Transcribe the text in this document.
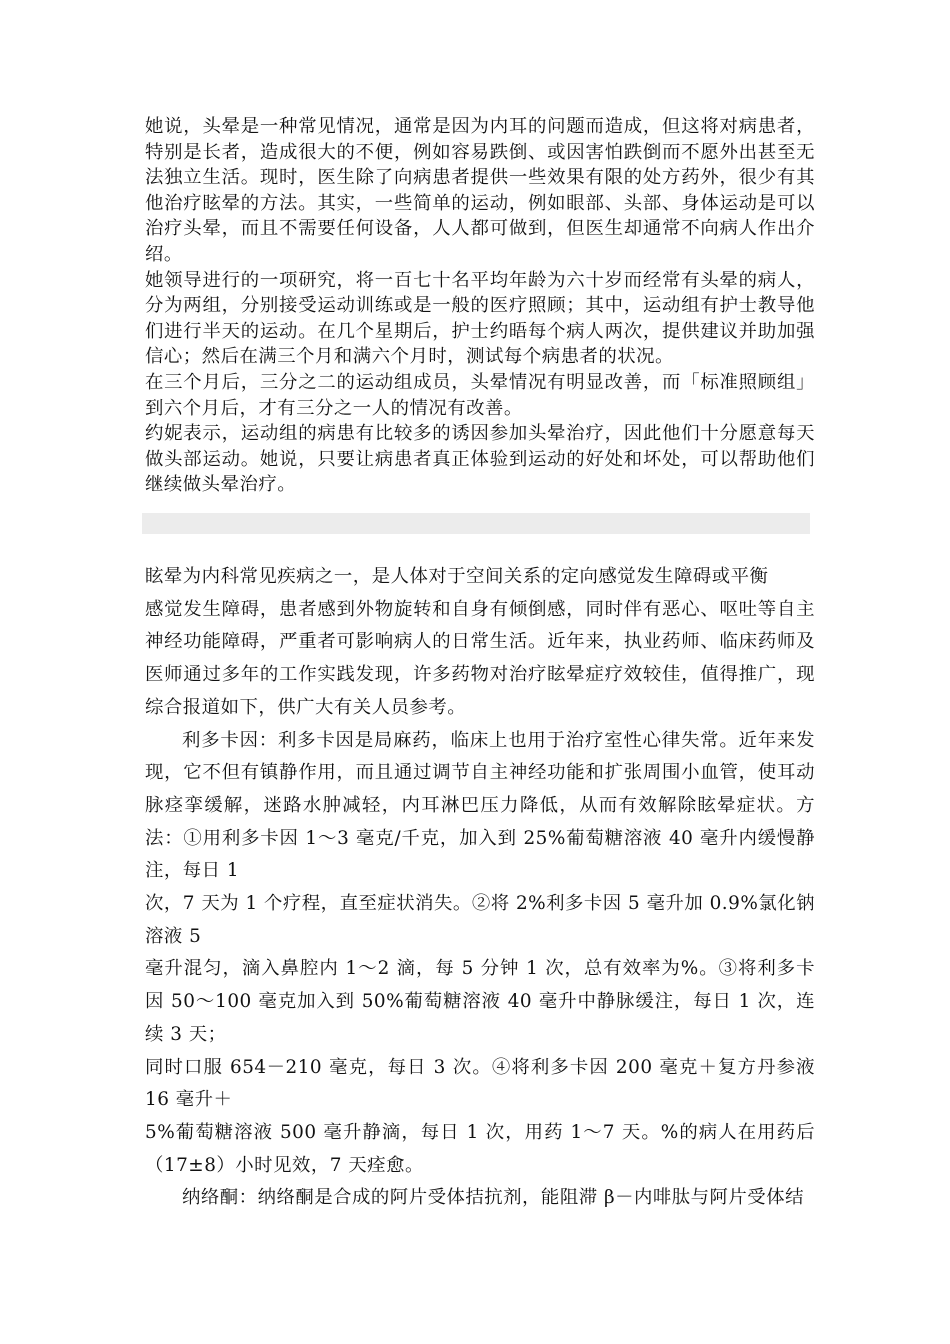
她说，头晕是一种常见情况，通常是因为内耳的问题而造成，但这将对病患者，特别是长者，造成很大的不便，例如容易跌倒、或因害怕跌倒而不愿外出甚至无法独立生活。现时，医生除了向病患者提供一些效果有限的处方药外，很少有其他治疗眩晕的方法。其实，一些简单的运动，例如眼部、头部、身体运动是可以治疗头晕，而且不需要任何设备，人人都可做到，但医生却通常不向病人作出介绍。

她领导进行的一项研究，将一百七十名平均年龄为六十岁而经常有头晕的病人，分为两组，分别接受运动训练或是一般的医疗照顾；其中，运动组有护士教导他们进行半天的运动。在几个星期后，护士约晤每个病人两次，提供建议并助加强信心；然后在满三个月和满六个月时，测试每个病患者的状况。

在三个月后，三分之二的运动组成员，头晕情况有明显改善，而「标准照顾组」到六个月后，才有三分之一人的情况有改善。

约妮表示，运动组的病患有比较多的诱因参加头晕治疗，因此他们十分愿意每天做头部运动。她说，只要让病患者真正体验到运动的好处和坏处，可以帮助他们继续做头晕治疗。

眩晕为内科常见疾病之一，是人体对于空间关系的定向感觉发生障碍或平衡

感觉发生障碍，患者感到外物旋转和自身有倾倒感，同时伴有恶心、呕吐等自主神经功能障碍，严重者可影响病人的日常生活。近年来，执业药师、临床药师及医师通过多年的工作实践发现，许多药物对治疗眩晕症疗效较佳，值得推广，现综合报道如下，供广大有关人员参考。

利多卡因：利多卡因是局麻药，临床上也用于治疗室性心律失常。近年来发现，它不但有镇静作用，而且通过调节自主神经功能和扩张周围小血管，使耳动脉痉挛缓解，迷路水肿减轻，内耳淋巴压力降低，从而有效解除眩晕症状。方法：①用利多卡因 1～3 毫克/千克，加入到 25%葡萄糖溶液 40 毫升内缓慢静注，每日 1

次，7 天为 1 个疗程，直至症状消失。②将 2%利多卡因 5 毫升加 0.9%氯化钠溶液 5

毫升混匀，滴入鼻腔内 1～2 滴，每 5 分钟 1 次，总有效率为%。③将利多卡因 50～100 毫克加入到 50%葡萄糖溶液 40 毫升中静脉缓注，每日 1 次，连续 3 天；

同时口服 654－210 毫克，每日 3 次。④将利多卡因 200 毫克＋复方丹参液 16 毫升＋

5%葡萄糖溶液 500 毫升静滴，每日 1 次，用药 1～7 天。%的病人在用药后（17±8）小时见效，7 天痊愈。

纳络酮：纳络酮是合成的阿片受体拮抗剂，能阻滞 β－内啡肽与阿片受体结
